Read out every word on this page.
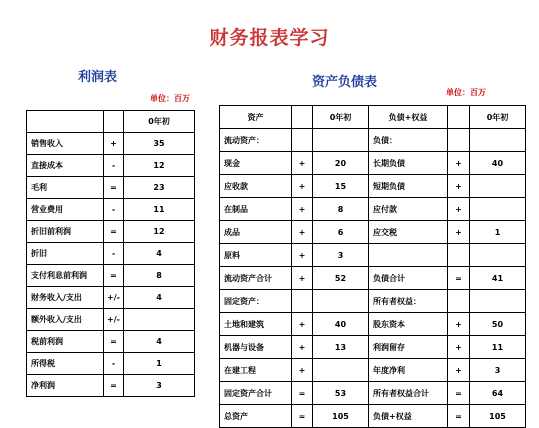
财务报表学习
利润表
单位：百万
资产负债表
单位：百万
		0年初
销售收入	+	35
直接成本	-	12
毛利	=	23
营业费用	-	11
折旧前利润	=	12
折旧	-	4
支付利息前利润	=	8
财务收入/支出	+/-	4
额外收入/支出	+/-	
税前利润	=	4
所得税	-	1
净利润	=	3
资产		0年初	负债+权益		0年初
流动资产：			负债：		
现金	+	20	长期负债	+	40
应收款	+	15	短期负债	+	
在制品	+	8	应付款	+	
成品	+	6	应交税	+	1
原料	+	3			
流动资产合计	+	52	负债合计	=	41
固定资产：			所有者权益：		
土地和建筑	+	40	股东资本	+	50
机器与设备	+	13	利润留存	+	11
在建工程	+		年度净利	+	3
固定资产合计	=	53	所有者权益合计	=	64
总资产	=	105	负债+权益	=	105
